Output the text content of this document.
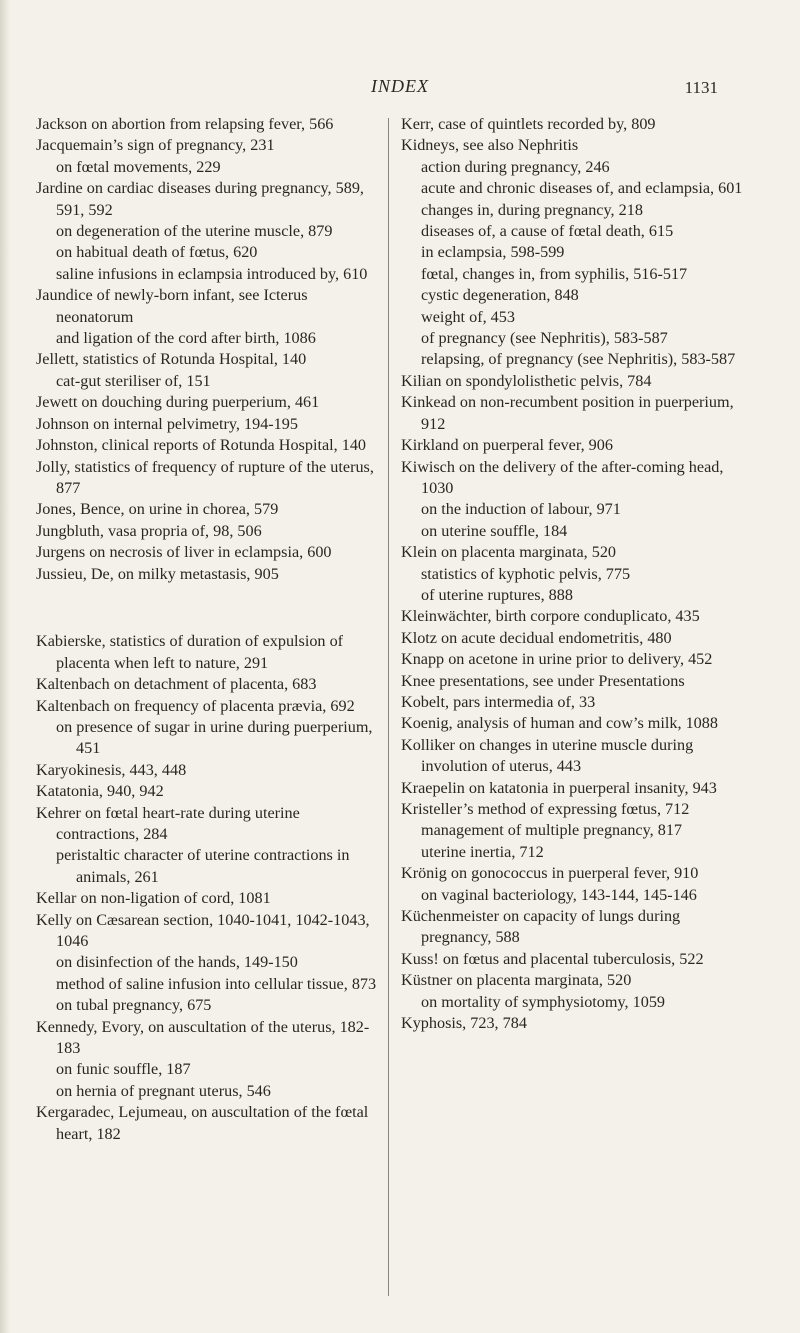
INDEX	1131

Jackson on abortion from relapsing fever, 566

Jacquemain’s sign of pregnancy, 231

on fœtal movements, 229

Jardine on cardiac diseases during pregnancy, 589, 591, 592

on degeneration of the uterine muscle, 879

on habitual death of fœtus, 620

saline infusions in eclampsia introduced by, 610

Jaundice of newly-born infant, see Icterus neonatorum

and ligation of the cord after birth, 1086

Jellett, statistics of Rotunda Hospital, 140

cat-gut steriliser of, 151

Jewett on douching during puerperium, 461

Johnson on internal pelvimetry, 194-195

Johnston, clinical reports of Rotunda Hospital, 140

Jolly, statistics of frequency of rupture of the uterus, 877

Jones, Bence, on urine in chorea, 579

Jungbluth, vasa propria of, 98, 506

Jurgens on necrosis of liver in eclampsia, 600

Jussieu, De, on milky metastasis, 905

Kabierske, statistics of duration of expulsion of placenta when left to nature, 291

Kaltenbach on detachment of placenta, 683

Kaltenbach on frequency of placenta prævia, 692

on presence of sugar in urine during puerperium, 451

Karyokinesis, 443, 448

Katatonia, 940, 942

Kehrer on fœtal heart-rate during uterine contractions, 284

peristaltic character of uterine contractions in animals, 261

Kellar on non-ligation of cord, 1081

Kelly on Cæsarean section, 1040-1041, 1042-1043, 1046

on disinfection of the hands, 149-150

method of saline infusion into cellular tissue, 873

on tubal pregnancy, 675

Kennedy, Evory, on auscultation of the uterus, 182-183

on funic souffle, 187

on hernia of pregnant uterus, 546

Kergaradec, Lejumeau, on auscultation of the fœtal heart, 182

Kerr, case of quintlets recorded by, 809

Kidneys, see also Nephritis

action during pregnancy, 246

acute and chronic diseases of, and eclampsia, 601

changes in, during pregnancy, 218

diseases of, a cause of fœtal death, 615

in eclampsia, 598-599

fœtal, changes in, from syphilis, 516-517

cystic degeneration, 848

weight of, 453

of pregnancy (see Nephritis), 583-587

relapsing, of pregnancy (see Nephritis), 583-587

Kilian on spondylolisthetic pelvis, 784

Kinkead on non-recumbent position in puerperium, 912

Kirkland on puerperal fever, 906

Kiwisch on the delivery of the after-coming head, 1030

on the induction of labour, 971

on uterine souffle, 184

Klein on placenta marginata, 520

statistics of kyphotic pelvis, 775

of uterine ruptures, 888

Kleinwächter, birth corpore conduplicato, 435

Klotz on acute decidual endometritis, 480

Knapp on acetone in urine prior to delivery, 452

Knee presentations, see under Presentations

Kobelt, pars intermedia of, 33

Koenig, analysis of human and cow’s milk, 1088

Kolliker on changes in uterine muscle during involution of uterus, 443

Kraepelin on katatonia in puerperal insanity, 943

Kristeller’s method of expressing fœtus, 712

management of multiple pregnancy, 817

uterine inertia, 712

Krönig on gonococcus in puerperal fever, 910

on vaginal bacteriology, 143-144, 145-146

Küchenmeister on capacity of lungs during pregnancy, 588

Kuss! on fœtus and placental tuberculosis, 522

Küstner on placenta marginata, 520

on mortality of symphysiotomy, 1059

Kyphosis, 723, 784
